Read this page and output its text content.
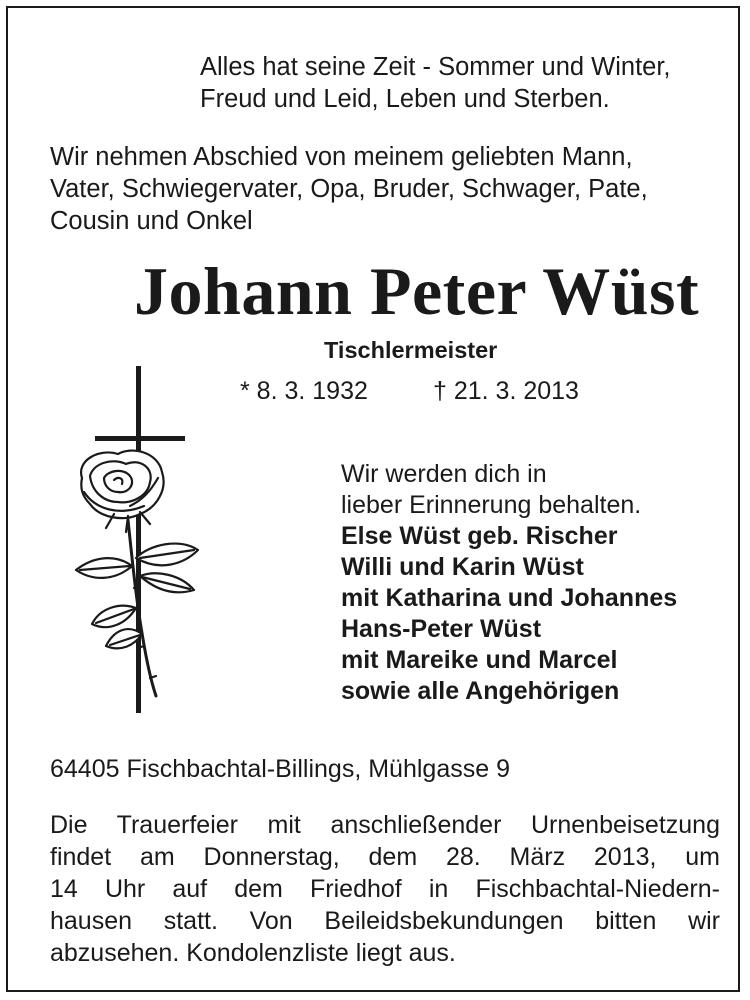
Alles hat seine Zeit - Sommer und Winter,
Freud und Leid, Leben und Sterben.
Wir nehmen Abschied von meinem geliebten Mann,
Vater, Schwiegervater, Opa, Bruder, Schwager, Pate,
Cousin und Onkel
Johann Peter Wüst
Tischlermeister
* 8. 3. 1932	† 21. 3. 2013
Wir werden dich in
lieber Erinnerung behalten.
Else Wüst geb. Rischer
Willi und Karin Wüst
mit Katharina und Johannes
Hans-Peter Wüst
mit Mareike und Marcel
sowie alle Angehörigen
64405 Fischbachtal-Billings, Mühlgasse 9
Die Trauerfeier mit anschließender Urnenbeisetzung
findet am Donnerstag, dem 28. März 2013, um
14 Uhr auf dem Friedhof in Fischbachtal-Niedern-
hausen statt. Von Beileidsbekundungen bitten wir
abzusehen. Kondolenzliste liegt aus.
